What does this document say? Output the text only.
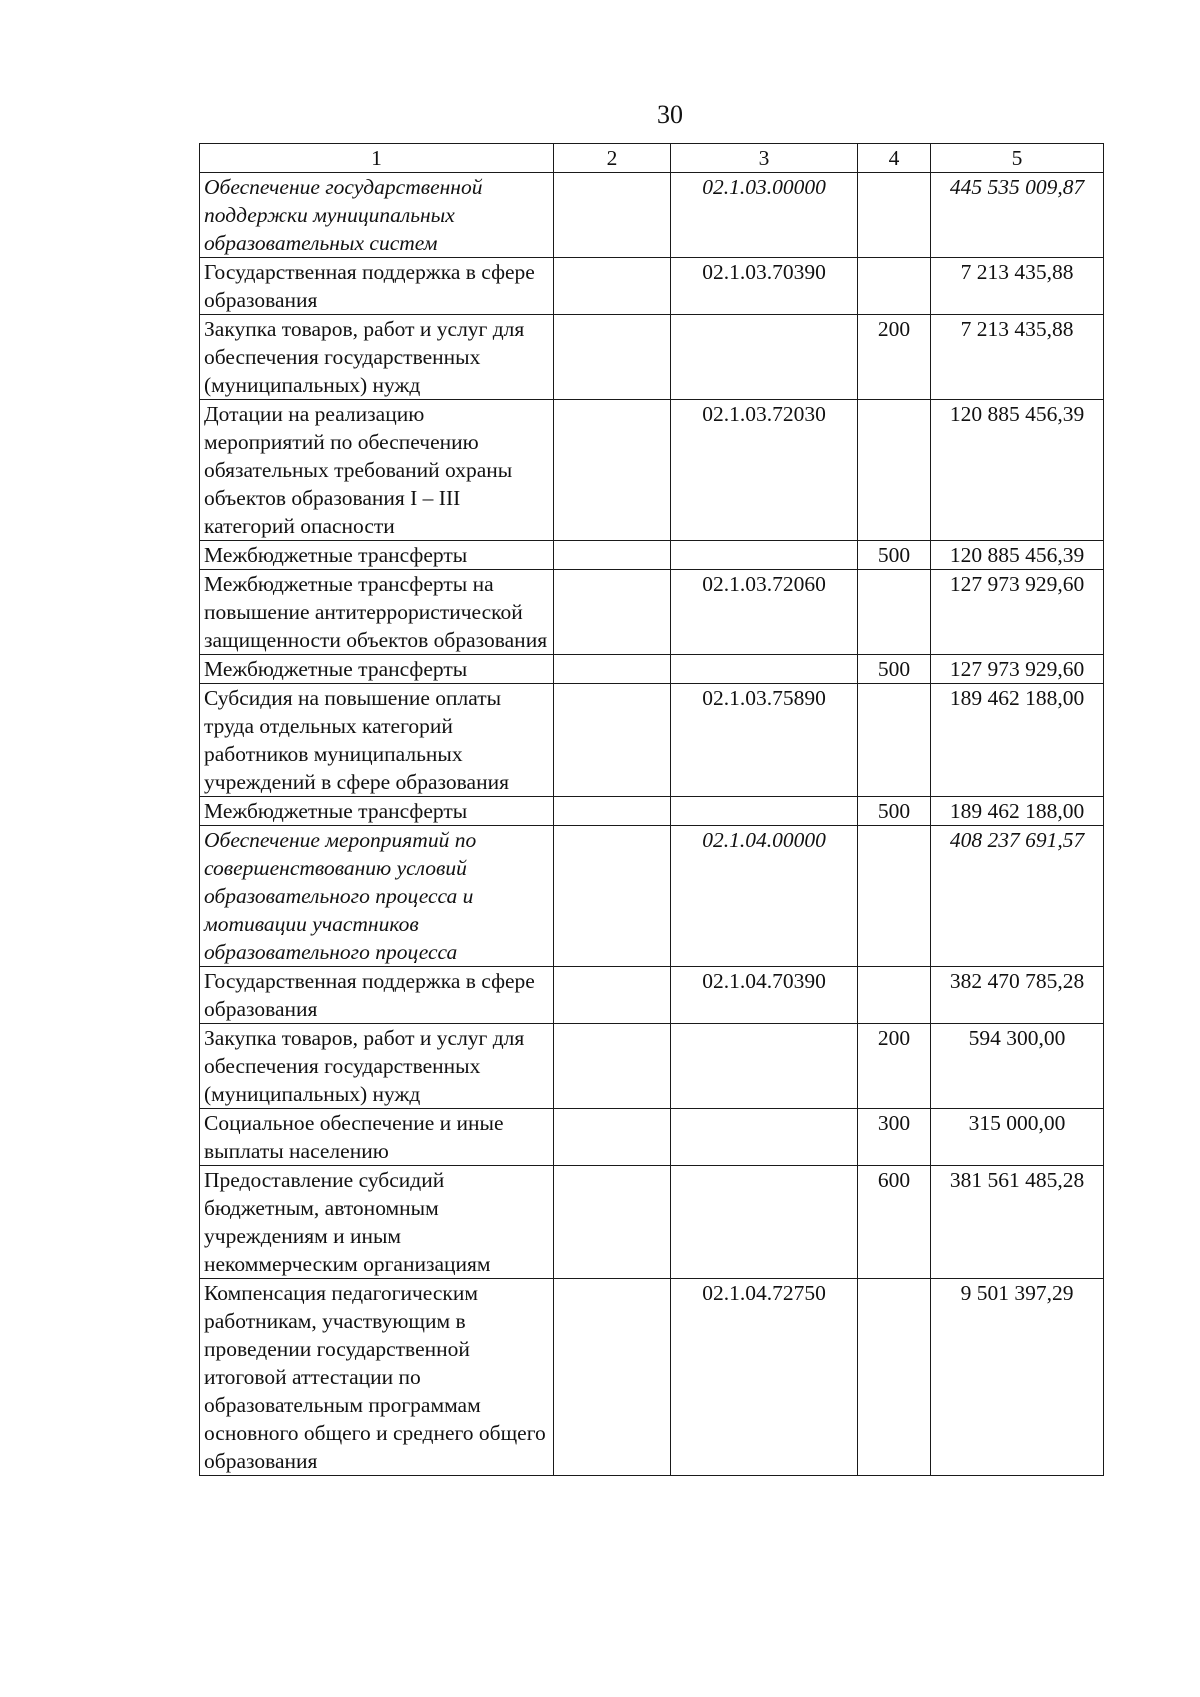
30
1	2	3	4	5
Обеспечение государственной поддержки муниципальных образовательных систем		02.1.03.00000		445 535 009,87
Государственная поддержка в сфере образования		02.1.03.70390		7 213 435,88
Закупка товаров, работ и услуг для обеспечения государственных (муниципальных) нужд			200	7 213 435,88
Дотации на реализацию мероприятий по обеспечению обязательных требований охраны объектов образования I – III категорий опасности		02.1.03.72030		120 885 456,39
Межбюджетные трансферты			500	120 885 456,39
Межбюджетные трансферты на повышение антитеррористической защищенности объектов образования		02.1.03.72060		127 973 929,60
Межбюджетные трансферты			500	127 973 929,60
Субсидия на повышение оплаты труда отдельных категорий работников муниципальных учреждений в сфере образования		02.1.03.75890		189 462 188,00
Межбюджетные трансферты			500	189 462 188,00
Обеспечение мероприятий по совершенствованию условий образовательного процесса и мотивации участников образовательного процесса		02.1.04.00000		408 237 691,57
Государственная поддержка в сфере образования		02.1.04.70390		382 470 785,28
Закупка товаров, работ и услуг для обеспечения государственных (муниципальных) нужд			200	594 300,00
Социальное обеспечение и иные выплаты населению			300	315 000,00
Предоставление субсидий бюджетным, автономным учреждениям и иным некоммерческим организациям			600	381 561 485,28
Компенсация педагогическим работникам, участвующим в проведении государственной итоговой аттестации по образовательным программам основного общего и среднего общего образования		02.1.04.72750		9 501 397,29
